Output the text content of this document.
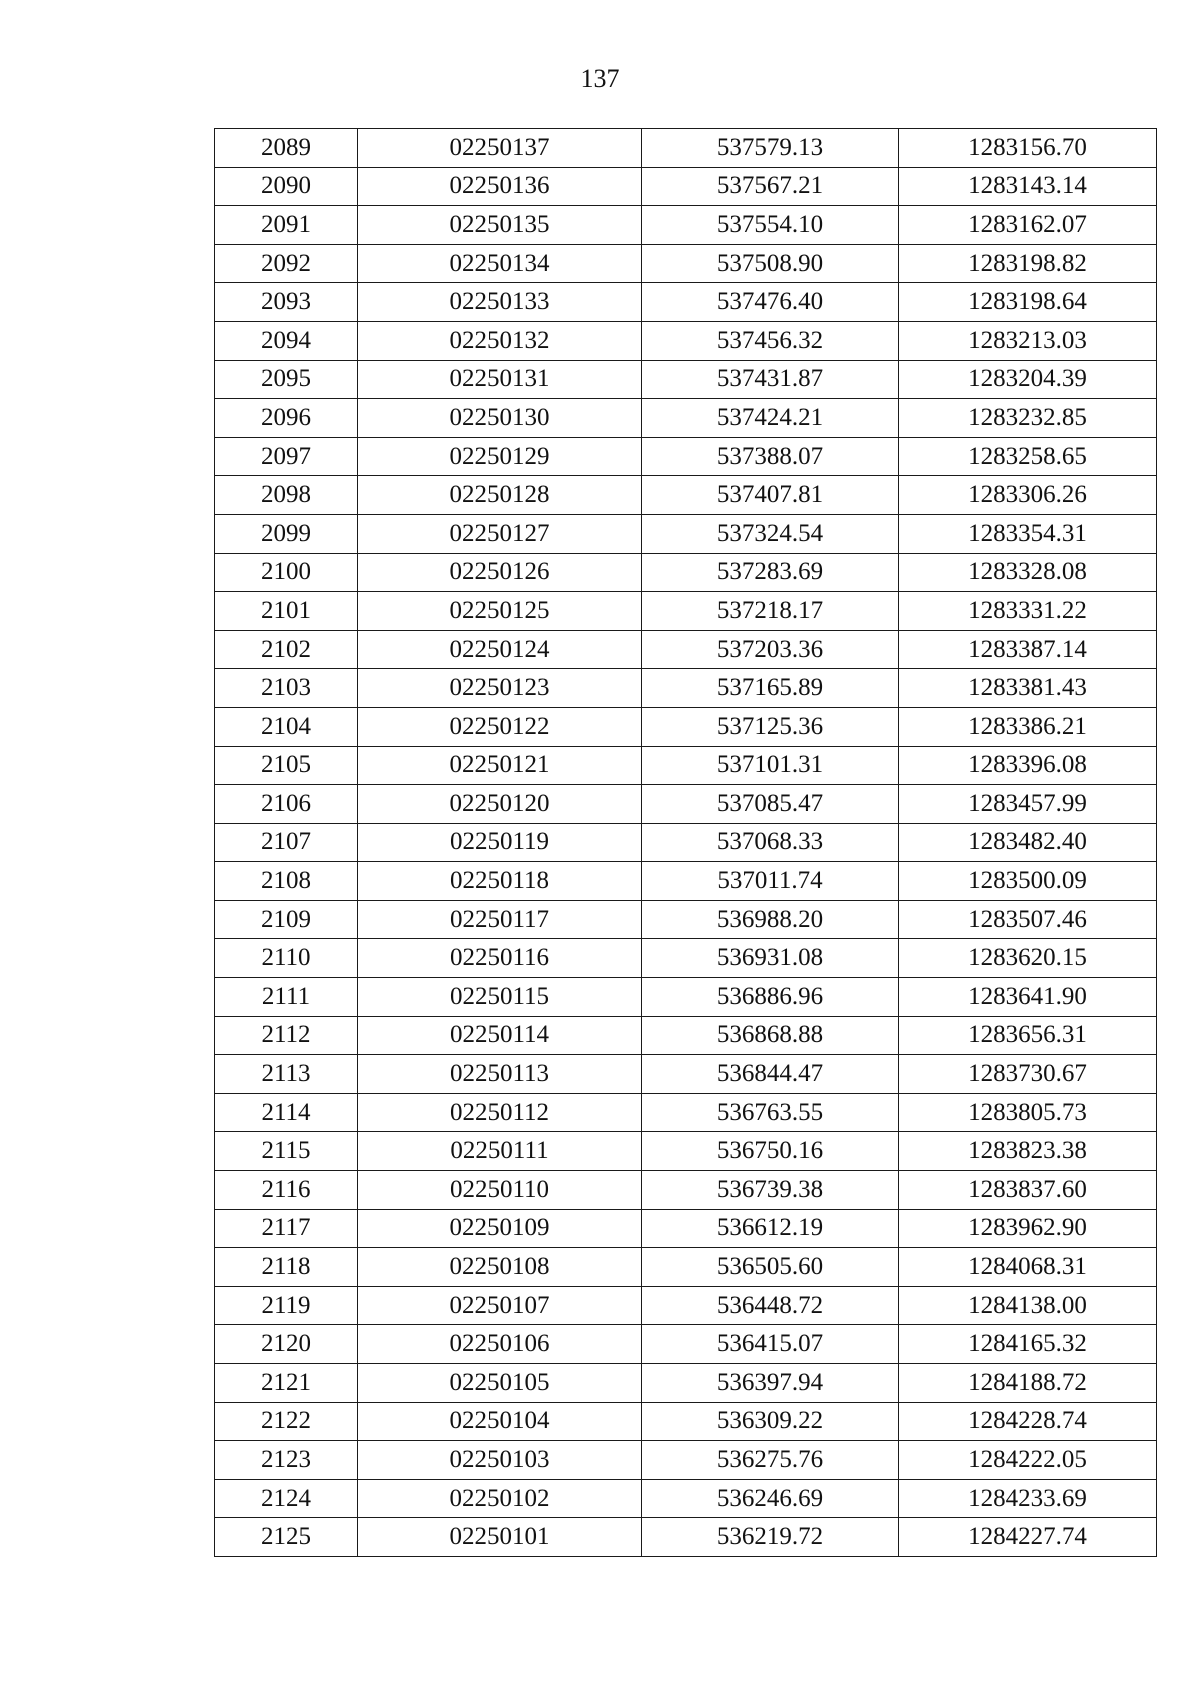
137
2089	02250137	537579.13	1283156.70
2090	02250136	537567.21	1283143.14
2091	02250135	537554.10	1283162.07
2092	02250134	537508.90	1283198.82
2093	02250133	537476.40	1283198.64
2094	02250132	537456.32	1283213.03
2095	02250131	537431.87	1283204.39
2096	02250130	537424.21	1283232.85
2097	02250129	537388.07	1283258.65
2098	02250128	537407.81	1283306.26
2099	02250127	537324.54	1283354.31
2100	02250126	537283.69	1283328.08
2101	02250125	537218.17	1283331.22
2102	02250124	537203.36	1283387.14
2103	02250123	537165.89	1283381.43
2104	02250122	537125.36	1283386.21
2105	02250121	537101.31	1283396.08
2106	02250120	537085.47	1283457.99
2107	02250119	537068.33	1283482.40
2108	02250118	537011.74	1283500.09
2109	02250117	536988.20	1283507.46
2110	02250116	536931.08	1283620.15
2111	02250115	536886.96	1283641.90
2112	02250114	536868.88	1283656.31
2113	02250113	536844.47	1283730.67
2114	02250112	536763.55	1283805.73
2115	02250111	536750.16	1283823.38
2116	02250110	536739.38	1283837.60
2117	02250109	536612.19	1283962.90
2118	02250108	536505.60	1284068.31
2119	02250107	536448.72	1284138.00
2120	02250106	536415.07	1284165.32
2121	02250105	536397.94	1284188.72
2122	02250104	536309.22	1284228.74
2123	02250103	536275.76	1284222.05
2124	02250102	536246.69	1284233.69
2125	02250101	536219.72	1284227.74
